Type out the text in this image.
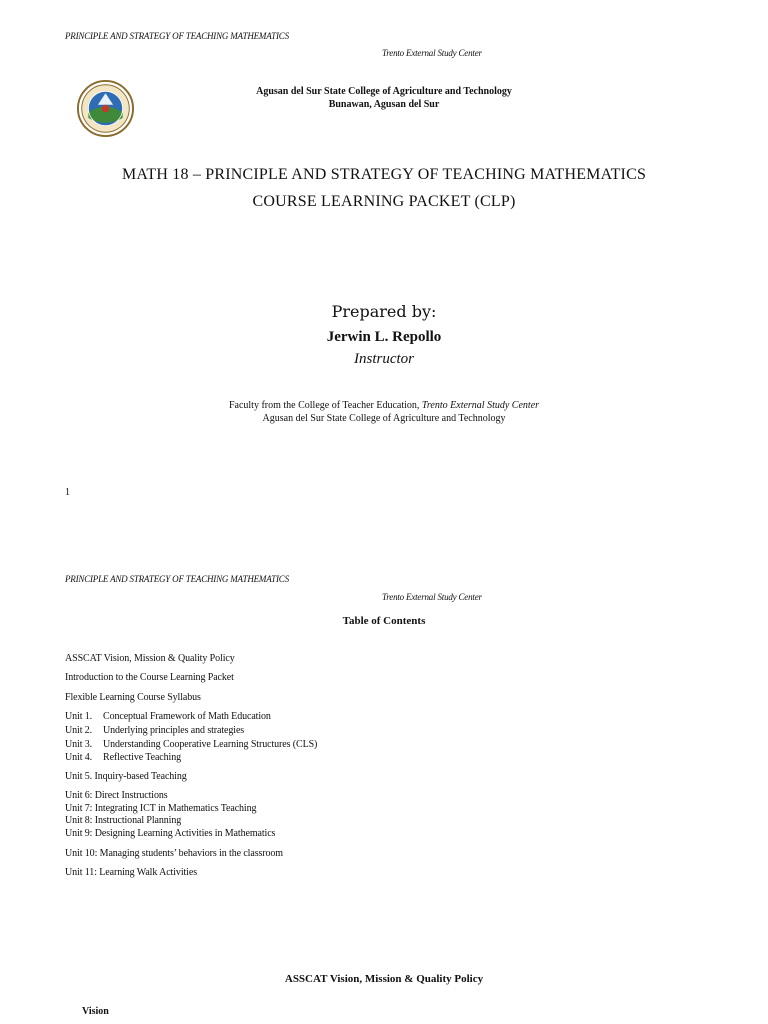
PRINCIPLE AND STRATEGY OF TEACHING MATHEMATICS
Trento External Study Center
Agusan del Sur State College of Agriculture and Technology
Bunawan, Agusan del Sur
MATH 18 – PRINCIPLE AND STRATEGY OF TEACHING MATHEMATICS
COURSE LEARNING PACKET (CLP)
Prepared by:
Jerwin L. Repollo
Instructor
Faculty from the College of Teacher Education, Trento External Study Center
Agusan del Sur State College of Agriculture and Technology
1
PRINCIPLE AND STRATEGY OF TEACHING MATHEMATICS
Trento External Study Center
Table of Contents
ASSCAT Vision, Mission & Quality Policy
Introduction to the Course Learning Packet
Flexible Learning Course Syllabus
Unit 1. Conceptual Framework of Math Education
Unit 2. Underlying principles and strategies
Unit 3. Understanding Cooperative Learning Structures (CLS)
Unit 4. Reflective Teaching
Unit 5. Inquiry-based Teaching
Unit 6: Direct Instructions
Unit 7: Integrating ICT in Mathematics Teaching
Unit 8: Instructional Planning
Unit 9: Designing Learning Activities in Mathematics
Unit 10: Managing students’ behaviors in the classroom
Unit 11: Learning Walk Activities
ASSCAT Vision, Mission & Quality Policy
Vision
